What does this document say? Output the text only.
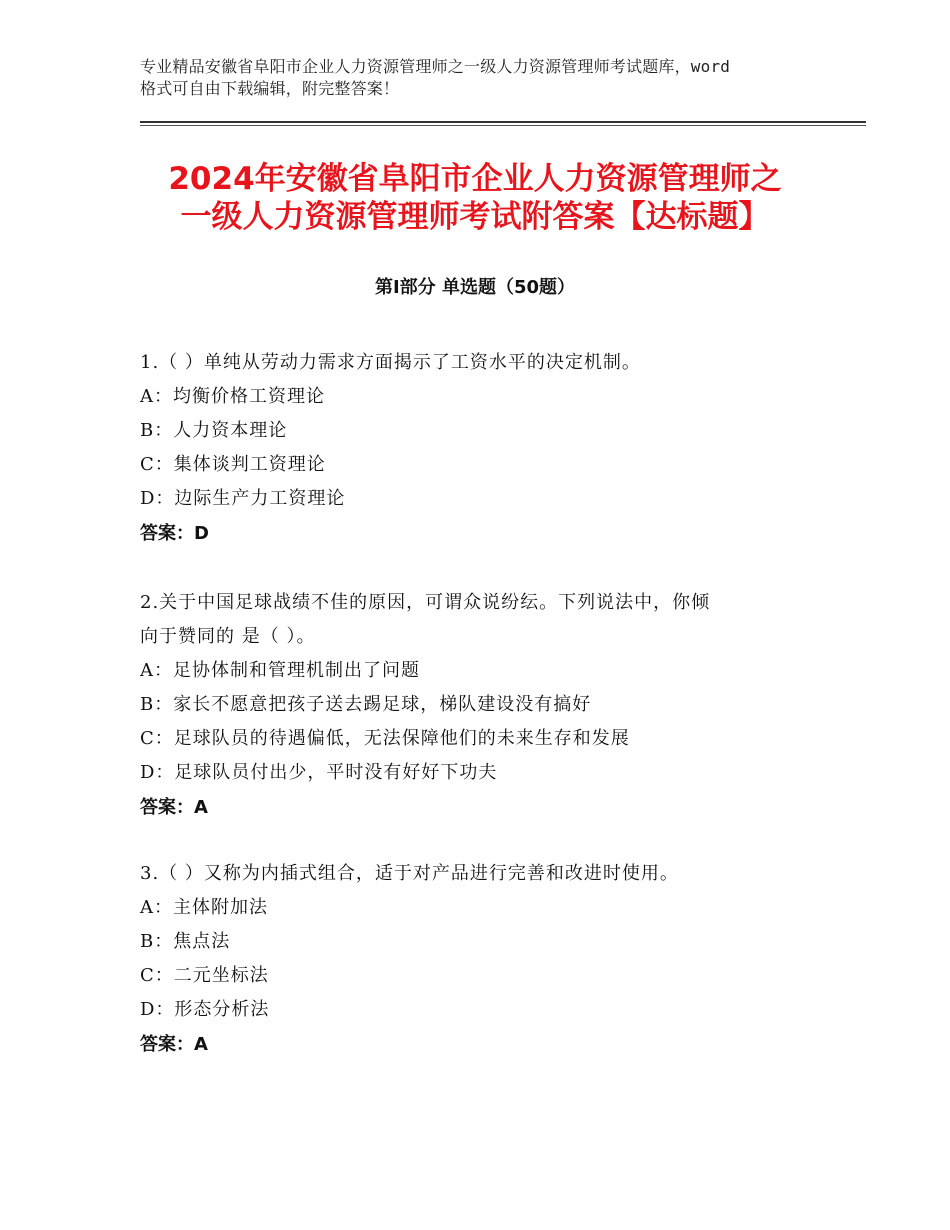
专业精品安徽省阜阳市企业人力资源管理师之一级人力资源管理师考试题库，word
格式可自由下载编辑，附完整答案！
2024年安徽省阜阳市企业人力资源管理师之
一级人力资源管理师考试附答案【达标题】
第Ⅰ部分 单选题（50题）
1.（ ）单纯从劳动力需求方面揭示了工资水平的决定机制。
A：均衡价格工资理论
B：人力资本理论
C：集体谈判工资理论
D：边际生产力工资理论
答案：D
2.关于中国足球战绩不佳的原因，可谓众说纷纭。下列说法中，你倾
向于赞同的 是（ ）。
A：足协体制和管理机制出了问题
B：家长不愿意把孩子送去踢足球，梯队建设没有搞好
C：足球队员的待遇偏低，无法保障他们的未来生存和发展
D：足球队员付出少，平时没有好好下功夫
答案：A
3.（ ）又称为内插式组合，适于对产品进行完善和改进时使用。
A：主体附加法
B：焦点法
C：二元坐标法
D：形态分析法
答案：A
